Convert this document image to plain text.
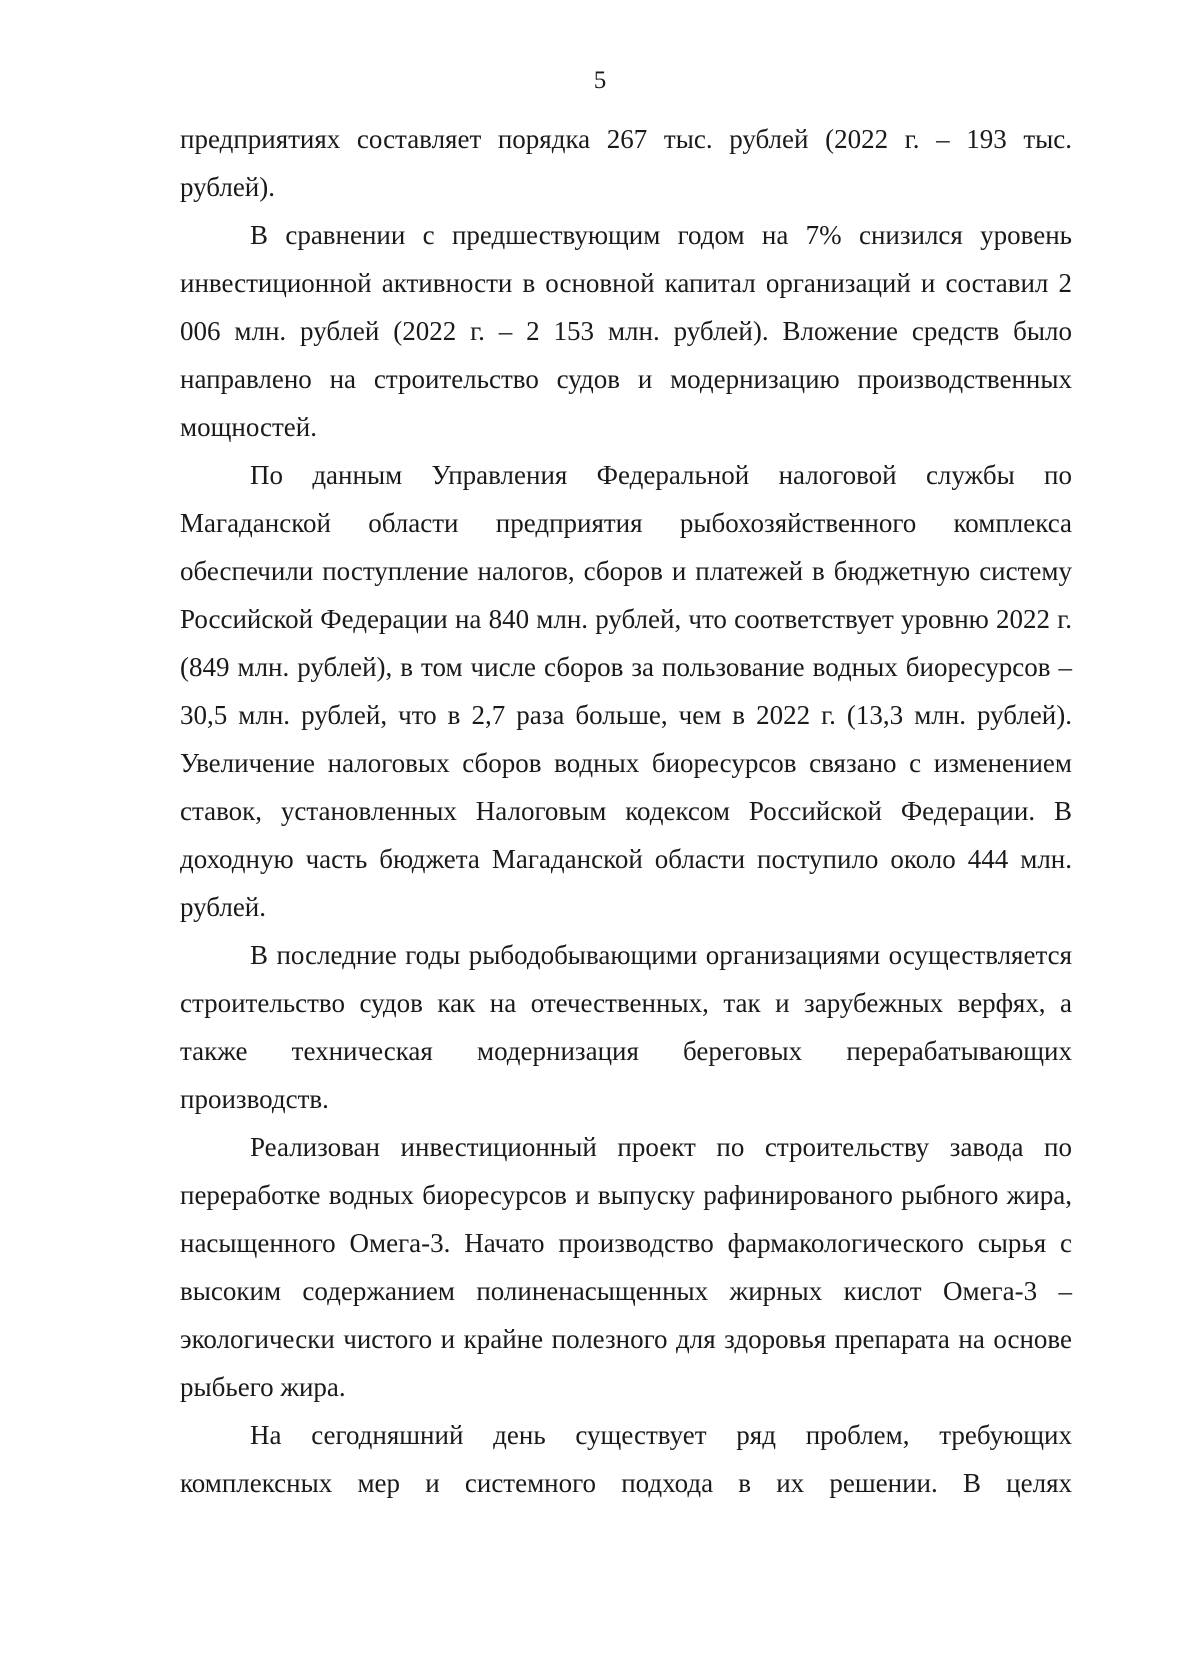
5

предприятиях составляет порядка 267 тыс. рублей (2022 г. – 193 тыс. рублей).

В сравнении с предшествующим годом на 7% снизился уровень инвестиционной активности в основной капитал организаций и составил 2 006 млн. рублей (2022 г. – 2 153 млн. рублей). Вложение средств было направлено на строительство судов и модернизацию производственных мощностей.

По данным Управления Федеральной налоговой службы по Магаданской области предприятия рыбохозяйственного комплекса обеспечили поступление налогов, сборов и платежей в бюджетную систему Российской Федерации на 840 млн. рублей, что соответствует уровню 2022 г. (849 млн. рублей), в том числе сборов за пользование водных биоресурсов – 30,5 млн. рублей, что в 2,7 раза больше, чем в 2022 г. (13,3 млн. рублей). Увеличение налоговых сборов водных биоресурсов связано с изменением ставок, установленных Налоговым кодексом Российской Федерации. В доходную часть бюджета Магаданской области поступило около 444 млн. рублей.

В последние годы рыбодобывающими организациями осуществляется строительство судов как на отечественных, так и зарубежных верфях, а также техническая модернизация береговых перерабатывающих производств.

Реализован инвестиционный проект по строительству завода по переработке водных биоресурсов и выпуску рафинированого рыбного жира, насыщенного Омега-3. Начато производство фармакологического сырья с высоким содержанием полиненасыщенных жирных кислот Омега-3 – экологически чистого и крайне полезного для здоровья препарата на основе рыбьего жира.

На сегодняшний день существует ряд проблем, требующих комплексных мер и системного подхода в их решении. В целях
